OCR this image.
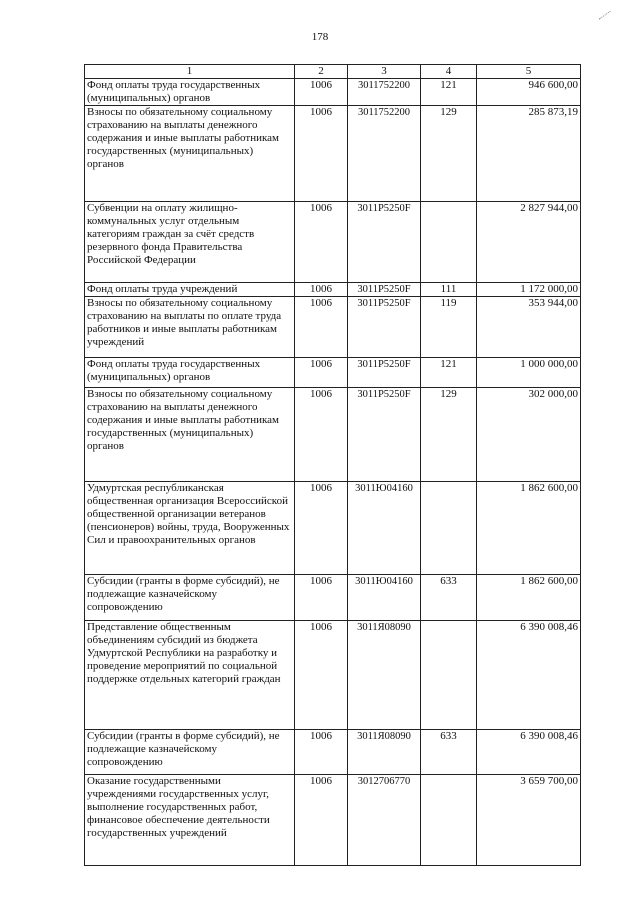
178
1	2	3	4	5
Фонд оплаты труда государственных (муниципальных) органов	1006	3011752200	121	946 600,00
Взносы по обязательному социальному страхованию на выплаты денежного содержания и иные выплаты работникам государственных (муниципальных) органов	1006	3011752200	129	285 873,19
Субвенции на оплату жилищно-коммунальных услуг отдельным категориям граждан за счёт средств резервного фонда Правительства Российской Федерации	1006	3011P5250F		2 827 944,00
Фонд оплаты труда учреждений	1006	3011P5250F	111	1 172 000,00
Взносы по обязательному социальному страхованию на выплаты по оплате труда работников и иные выплаты работникам учреждений	1006	3011P5250F	119	353 944,00
Фонд оплаты труда государственных (муниципальных) органов	1006	3011P5250F	121	1 000 000,00
Взносы по обязательному социальному страхованию на выплаты денежного содержания и иные выплаты работникам государственных (муниципальных) органов	1006	3011P5250F	129	302 000,00
Удмуртская республиканская общественная организация Всероссийской общественной организации ветеранов (пенсионеров) войны, труда, Вооруженных Сил и правоохранительных органов	1006	3011Ю04160		1 862 600,00
Субсидии (гранты в форме субсидий), не подлежащие казначейскому сопровождению	1006	3011Ю04160	633	1 862 600,00
Представление общественным объединениям субсидий из бюджета Удмуртской Республики на разработку и проведение мероприятий по социальной поддержке отдельных категорий граждан	1006	3011Я08090		6 390 008,46
Субсидии (гранты в форме субсидий), не подлежащие казначейскому сопровождению	1006	3011Я08090	633	6 390 008,46
Оказание государственными учреждениями государственных услуг, выполнение государственных работ, финансовое обеспечение деятельности государственных учреждений	1006	3012706770		3 659 700,00
